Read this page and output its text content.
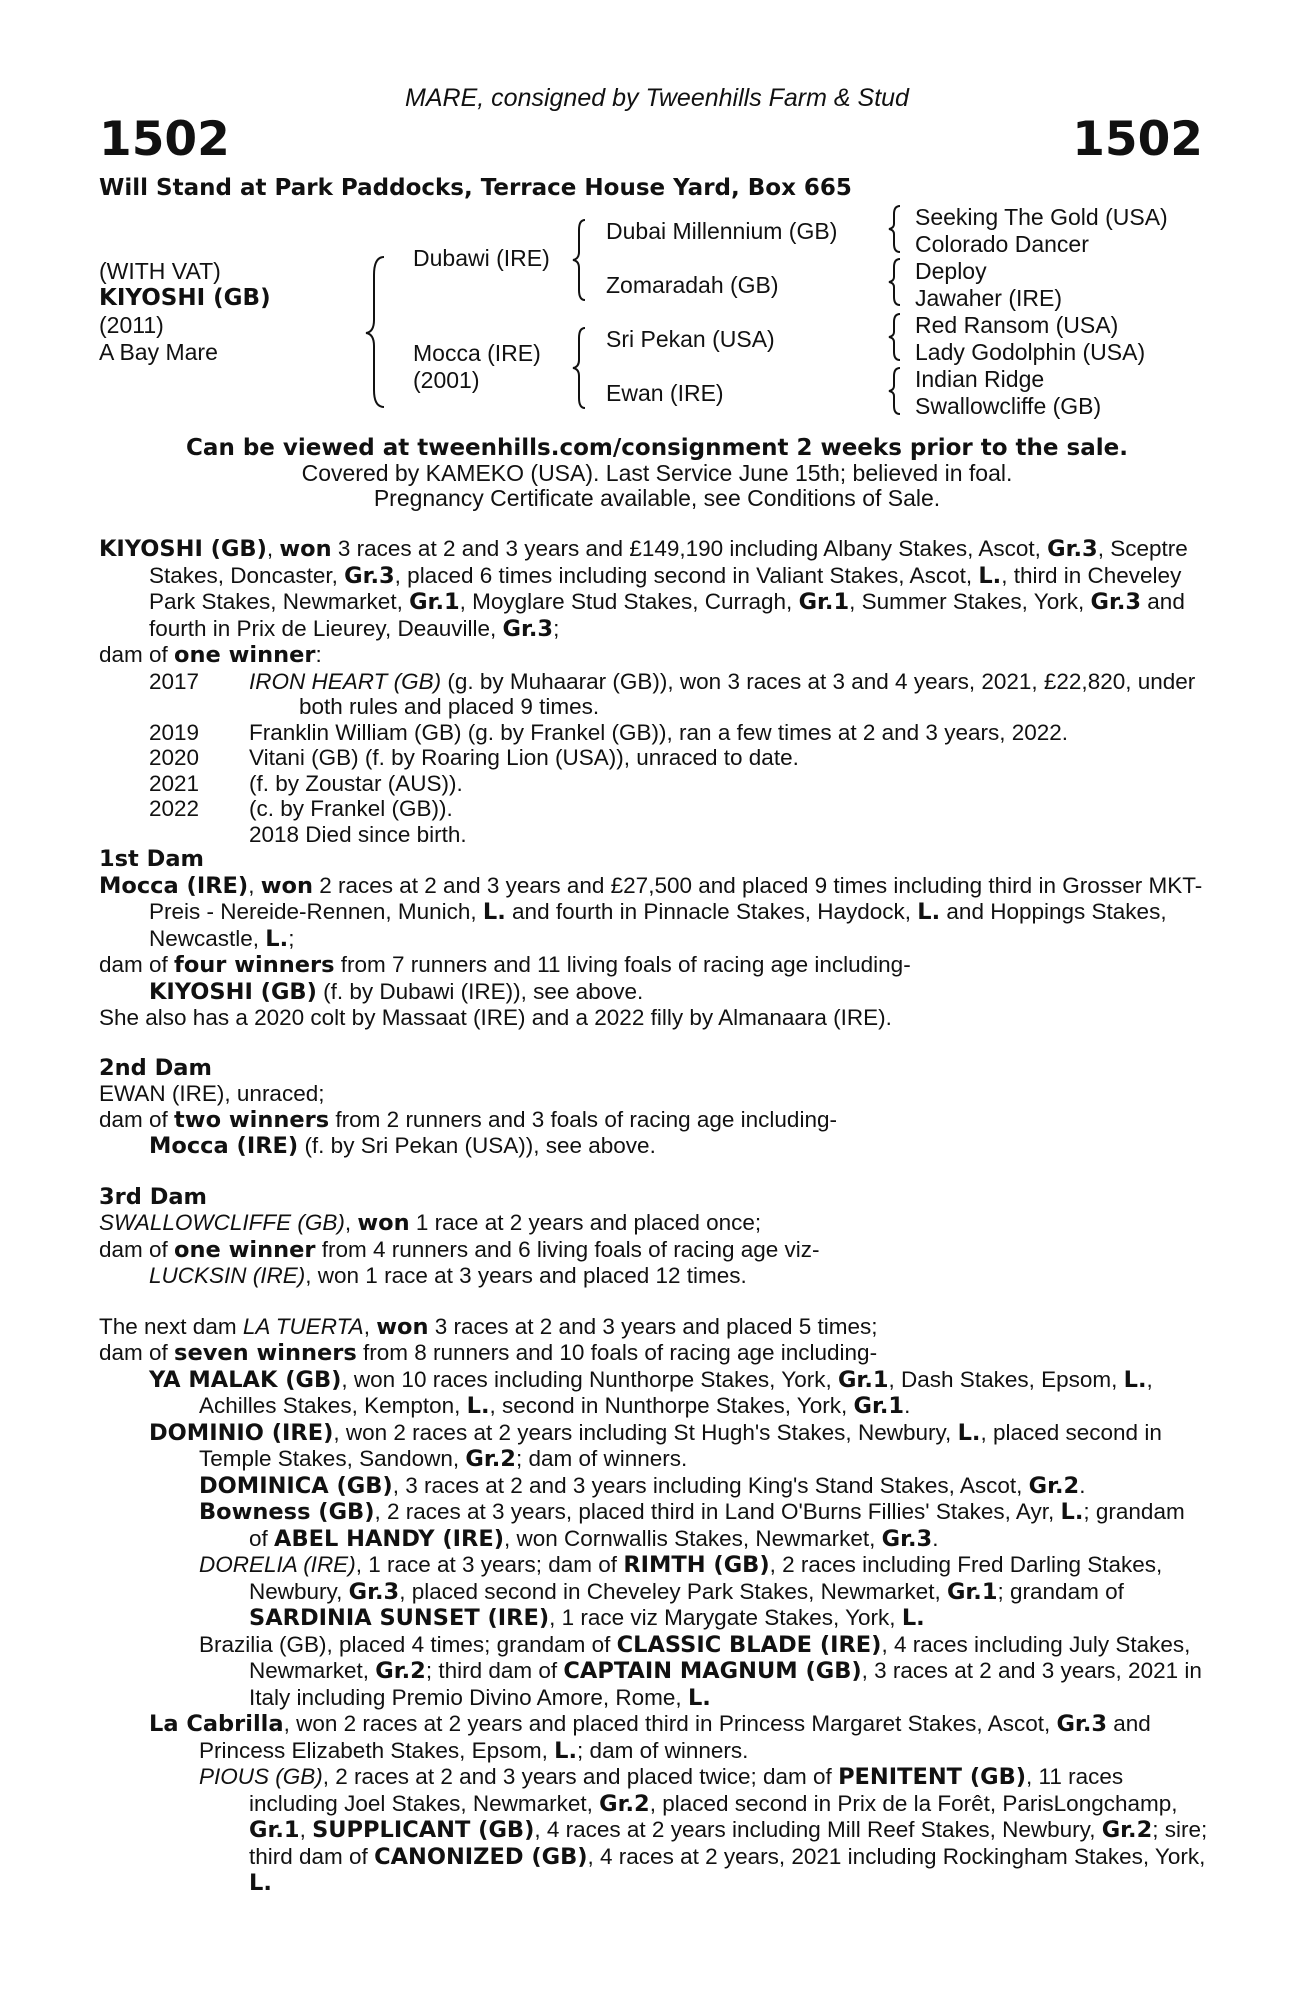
MARE, consigned by Tweenhills Farm & Stud
1502	1502
Will Stand at Park Paddocks, Terrace House Yard, Box 665
(WITH VAT)
KIYOSHI (GB)
(2011)
A Bay Mare
Dubawi (IRE)
Mocca (IRE)
(2001)
Dubai Millennium (GB)
Zomaradah (GB)
Sri Pekan (USA)
Ewan (IRE)
Seeking The Gold (USA)
Colorado Dancer
Deploy
Jawaher (IRE)
Red Ransom (USA)
Lady Godolphin (USA)
Indian Ridge
Swallowcliffe (GB)
Can be viewed at tweenhills.com/consignment 2 weeks prior to the sale.
Covered by KAMEKO (USA). Last Service June 15th; believed in foal.
Pregnancy Certificate available, see Conditions of Sale.

KIYOSHI (GB), won 3 races at 2 and 3 years and £149,190 including Albany Stakes, Ascot, Gr.3, Sceptre Stakes, Doncaster, Gr.3, placed 6 times including second in Valiant Stakes, Ascot, L., third in Cheveley Park Stakes, Newmarket, Gr.1, Moyglare Stud Stakes, Curragh, Gr.1, Summer Stakes, York, Gr.3 and fourth in Prix de Lieurey, Deauville, Gr.3;

dam of one winner:

2017	IRON HEART (GB) (g. by Muhaarar (GB)), won 3 races at 3 and 4 years, 2021, £22,820, under both rules and placed 9 times.
2019	Franklin William (GB) (g. by Frankel (GB)), ran a few times at 2 and 3 years, 2022.
2020	Vitani (GB) (f. by Roaring Lion (USA)), unraced to date.
2021	(f. by Zoustar (AUS)).
2022	(c. by Frankel (GB)).
2018 Died since birth.

1st Dam

Mocca (IRE), won 2 races at 2 and 3 years and £27,500 and placed 9 times including third in Grosser MKT-Preis - Nereide-Rennen, Munich, L. and fourth in Pinnacle Stakes, Haydock, L. and Hoppings Stakes, Newcastle, L.;

dam of four winners from 7 runners and 11 living foals of racing age including-

KIYOSHI (GB) (f. by Dubawi (IRE)), see above.

She also has a 2020 colt by Massaat (IRE) and a 2022 filly by Almanaara (IRE).

2nd Dam

EWAN (IRE), unraced;

dam of two winners from 2 runners and 3 foals of racing age including-

Mocca (IRE) (f. by Sri Pekan (USA)), see above.

3rd Dam

SWALLOWCLIFFE (GB), won 1 race at 2 years and placed once;

dam of one winner from 4 runners and 6 living foals of racing age viz-

LUCKSIN (IRE), won 1 race at 3 years and placed 12 times.

The next dam LA TUERTA, won 3 races at 2 and 3 years and placed 5 times;

dam of seven winners from 8 runners and 10 foals of racing age including-

YA MALAK (GB), won 10 races including Nunthorpe Stakes, York, Gr.1, Dash Stakes, Epsom, L., Achilles Stakes, Kempton, L., second in Nunthorpe Stakes, York, Gr.1.

DOMINIO (IRE), won 2 races at 2 years including St Hugh's Stakes, Newbury, L., placed second in Temple Stakes, Sandown, Gr.2; dam of winners.

DOMINICA (GB), 3 races at 2 and 3 years including King's Stand Stakes, Ascot, Gr.2.

Bowness (GB), 2 races at 3 years, placed third in Land O'Burns Fillies' Stakes, Ayr, L.; grandam of ABEL HANDY (IRE), won Cornwallis Stakes, Newmarket, Gr.3.

DORELIA (IRE), 1 race at 3 years; dam of RIMTH (GB), 2 races including Fred Darling Stakes, Newbury, Gr.3, placed second in Cheveley Park Stakes, Newmarket, Gr.1; grandam of SARDINIA SUNSET (IRE), 1 race viz Marygate Stakes, York, L.

Brazilia (GB), placed 4 times; grandam of CLASSIC BLADE (IRE), 4 races including July Stakes, Newmarket, Gr.2; third dam of CAPTAIN MAGNUM (GB), 3 races at 2 and 3 years, 2021 in Italy including Premio Divino Amore, Rome, L.

La Cabrilla, won 2 races at 2 years and placed third in Princess Margaret Stakes, Ascot, Gr.3 and Princess Elizabeth Stakes, Epsom, L.; dam of winners.

PIOUS (GB), 2 races at 2 and 3 years and placed twice; dam of PENITENT (GB), 11 races including Joel Stakes, Newmarket, Gr.2, placed second in Prix de la Forêt, ParisLongchamp, Gr.1, SUPPLICANT (GB), 4 races at 2 years including Mill Reef Stakes, Newbury, Gr.2; sire; third dam of CANONIZED (GB), 4 races at 2 years, 2021 including Rockingham Stakes, York, L.
